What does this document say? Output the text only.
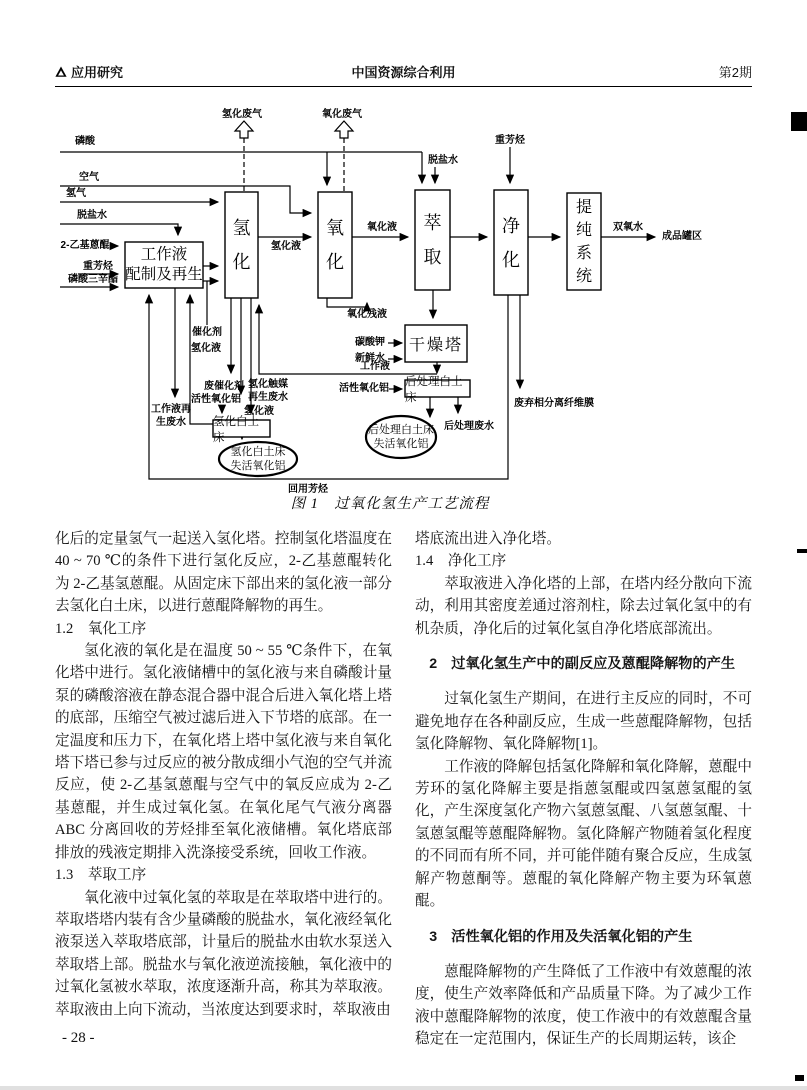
应用研究	中国资源综合利用	第2期
氢化
氧化
萃取
净化
提纯系统
工作液
配制及再生
干燥塔
后处理白土床
氢化白土床
氢化白土床
失活氧化铝
后处理白土床
失活氧化铝
氢化废气	氧化废气
磷酸
空气
氢气
脱盐水
2-乙基蒽醌
重芳烃
磷酸三辛酯
脱盐水
重芳烃
氢化液
氧化液	双氧水
成品罐区
催化剂
氢化液
废催化剂 氢化触媒
再生废水
活性氧化铝
氢化液
工作液再
生废水
氧化残液
碳酸钾
新鲜水
工作液
活性氧化铝
后处理废水
废弃相分离纤维膜
回用芳烃
图 1　过氧化氢生产工艺流程

化后的定量氢气一起送入氢化塔。控制氢化塔温度在 40 ~ 70 ℃的条件下进行氢化反应，2-乙基蒽醌转化为 2-乙基氢蒽醌。从固定床下部出来的氢化液一部分去氢化白土床，以进行蒽醌降解物的再生。

1.2　氧化工序

氢化液的氧化是在温度 50 ~ 55 ℃条件下，在氧化塔中进行。氢化液储槽中的氢化液与来自磷酸计量泵的磷酸溶液在静态混合器中混合后进入氧化塔上塔的底部，压缩空气被过滤后进入下节塔的底部。在一定温度和压力下，在氧化塔上塔中氢化液与来自氧化塔下塔已参与过反应的被分散成细小气泡的空气并流反应，使 2-乙基氢蒽醌与空气中的氧反应成为 2-乙基蒽醌，并生成过氧化氢。在氧化尾气气液分离器 ABC 分离回收的芳烃排至氧化液储槽。氧化塔底部排放的残液定期排入洗涤接受系统，回收工作液。

1.3　萃取工序

氧化液中过氧化氢的萃取是在萃取塔中进行的。萃取塔塔内装有含少量磷酸的脱盐水，氧化液经氧化液泵送入萃取塔底部，计量后的脱盐水由软水泵送入萃取塔上部。脱盐水与氧化液逆流接触，氧化液中的过氧化氢被水萃取，浓度逐渐升高，称其为萃取液。萃取液由上向下流动，当浓度达到要求时，萃取液由

塔底流出进入净化塔。

1.4　净化工序

萃取液进入净化塔的上部，在塔内经分散向下流动，利用其密度差通过溶剂柱，除去过氧化氢中的有机杂质，净化后的过氧化氢自净化塔底部流出。

2　过氧化氢生产中的副反应及蒽醌降解物的产生

过氧化氢生产期间，在进行主反应的同时，不可避免地存在各种副反应，生成一些蒽醌降解物，包括氢化降解物、氧化降解物[1]。

工作液的降解包括氢化降解和氧化降解，蒽醌中芳环的氢化降解主要是指蒽氢醌或四氢蒽氢醌的氢化，产生深度氢化产物六氢蒽氢醌、八氢蒽氢醌、十氢蒽氢醌等蒽醌降解物。氢化降解产物随着氢化程度的不同而有所不同，并可能伴随有聚合反应，生成氢解产物蒽酮等。蒽醌的氧化降解产物主要为环氧蒽醌。

3　活性氧化铝的作用及失活氧化铝的产生

蒽醌降解物的产生降低了工作液中有效蒽醌的浓度，使生产效率降低和产品质量下降。为了减少工作液中蒽醌降解物的浓度，使工作液中的有效蒽醌含量稳定在一定范围内，保证生产的长周期运转，该企

- 28 -
